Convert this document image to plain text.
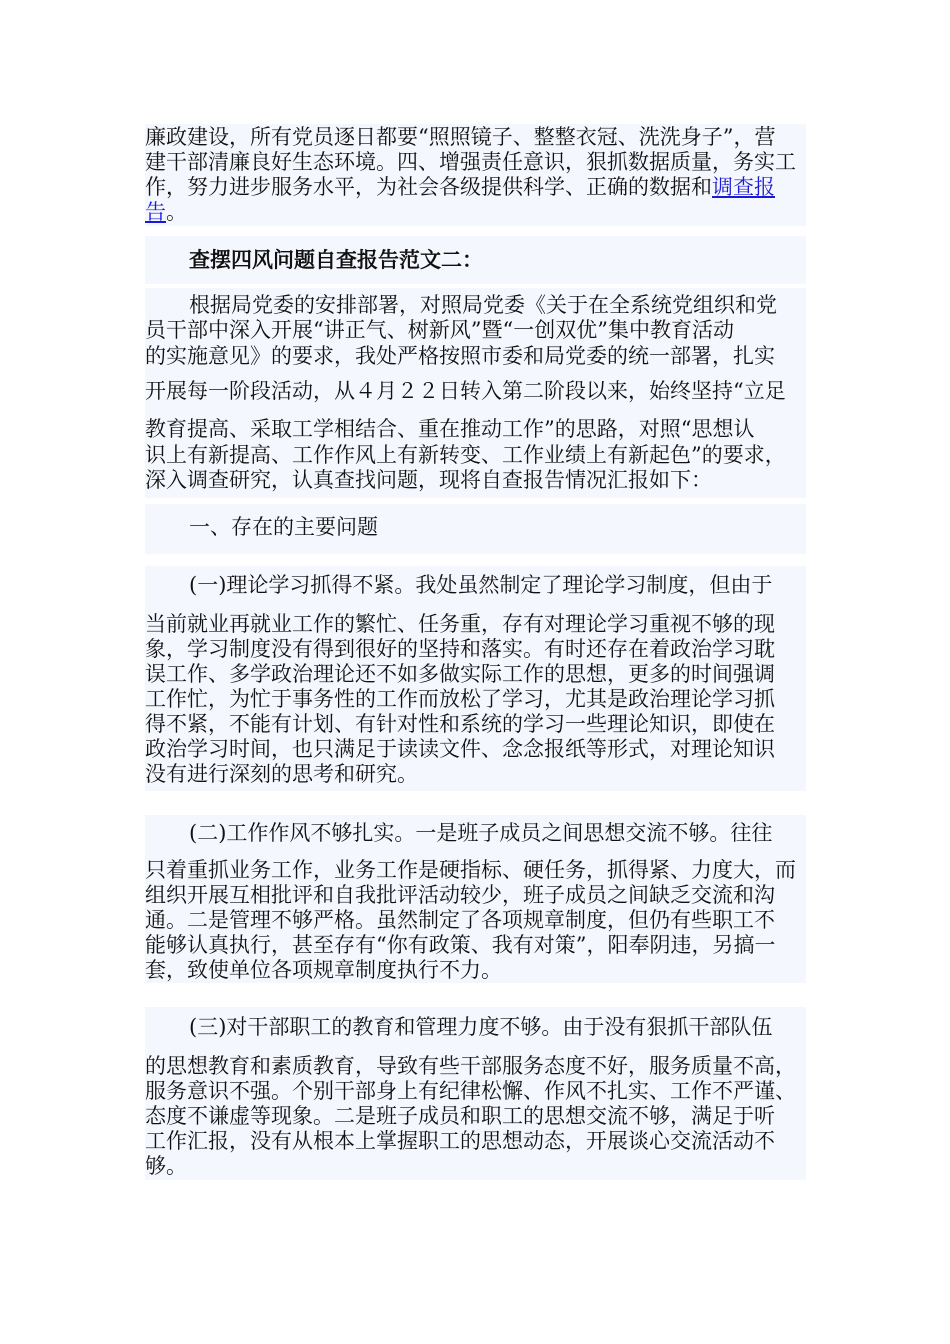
廉政建设，所有党员逐日都要“照照镜子、整整衣冠、洗洗身子”，营
建干部清廉良好生态环境。四、增强责任意识，狠抓数据质量，务实工
作，努力进步服务水平，为社会各级提供科学、正确的数据和调查报
告。
查摆四风问题自查报告范文二：
根据局党委的安排部署，对照局党委《关于在全系统党组织和党
员干部中深入开展“讲正气、树新风”暨“一创双优”集中教育活动
的实施意见》的要求，我处严格按照市委和局党委的统一部署，扎实
开展每一阶段活动，从４月２２日转入第二阶段以来，始终坚持“立足
教育提高、采取工学相结合、重在推动工作”的思路，对照“思想认
识上有新提高、工作作风上有新转变、工作业绩上有新起色”的要求，
深入调查研究，认真查找问题，现将自查报告情况汇报如下：
一、存在的主要问题
(一)理论学习抓得不紧。我处虽然制定了理论学习制度，但由于
当前就业再就业工作的繁忙、任务重，存有对理论学习重视不够的现
象，学习制度没有得到很好的坚持和落实。有时还存在着政治学习耽
误工作、多学政治理论还不如多做实际工作的思想，更多的时间强调
工作忙，为忙于事务性的工作而放松了学习，尤其是政治理论学习抓
得不紧，不能有计划、有针对性和系统的学习一些理论知识，即使在
政治学习时间，也只满足于读读文件、念念报纸等形式，对理论知识
没有进行深刻的思考和研究。
(二)工作作风不够扎实。一是班子成员之间思想交流不够。往往
只着重抓业务工作，业务工作是硬指标、硬任务，抓得紧、力度大，而
组织开展互相批评和自我批评活动较少，班子成员之间缺乏交流和沟
通。二是管理不够严格。虽然制定了各项规章制度，但仍有些职工不
能够认真执行，甚至存有“你有政策、我有对策”，阳奉阴违，另搞一
套，致使单位各项规章制度执行不力。
(三)对干部职工的教育和管理力度不够。由于没有狠抓干部队伍
的思想教育和素质教育，导致有些干部服务态度不好，服务质量不高，
服务意识不强。个别干部身上有纪律松懈、作风不扎实、工作不严谨、
态度不谦虚等现象。二是班子成员和职工的思想交流不够，满足于听
工作汇报，没有从根本上掌握职工的思想动态，开展谈心交流活动不
够。
